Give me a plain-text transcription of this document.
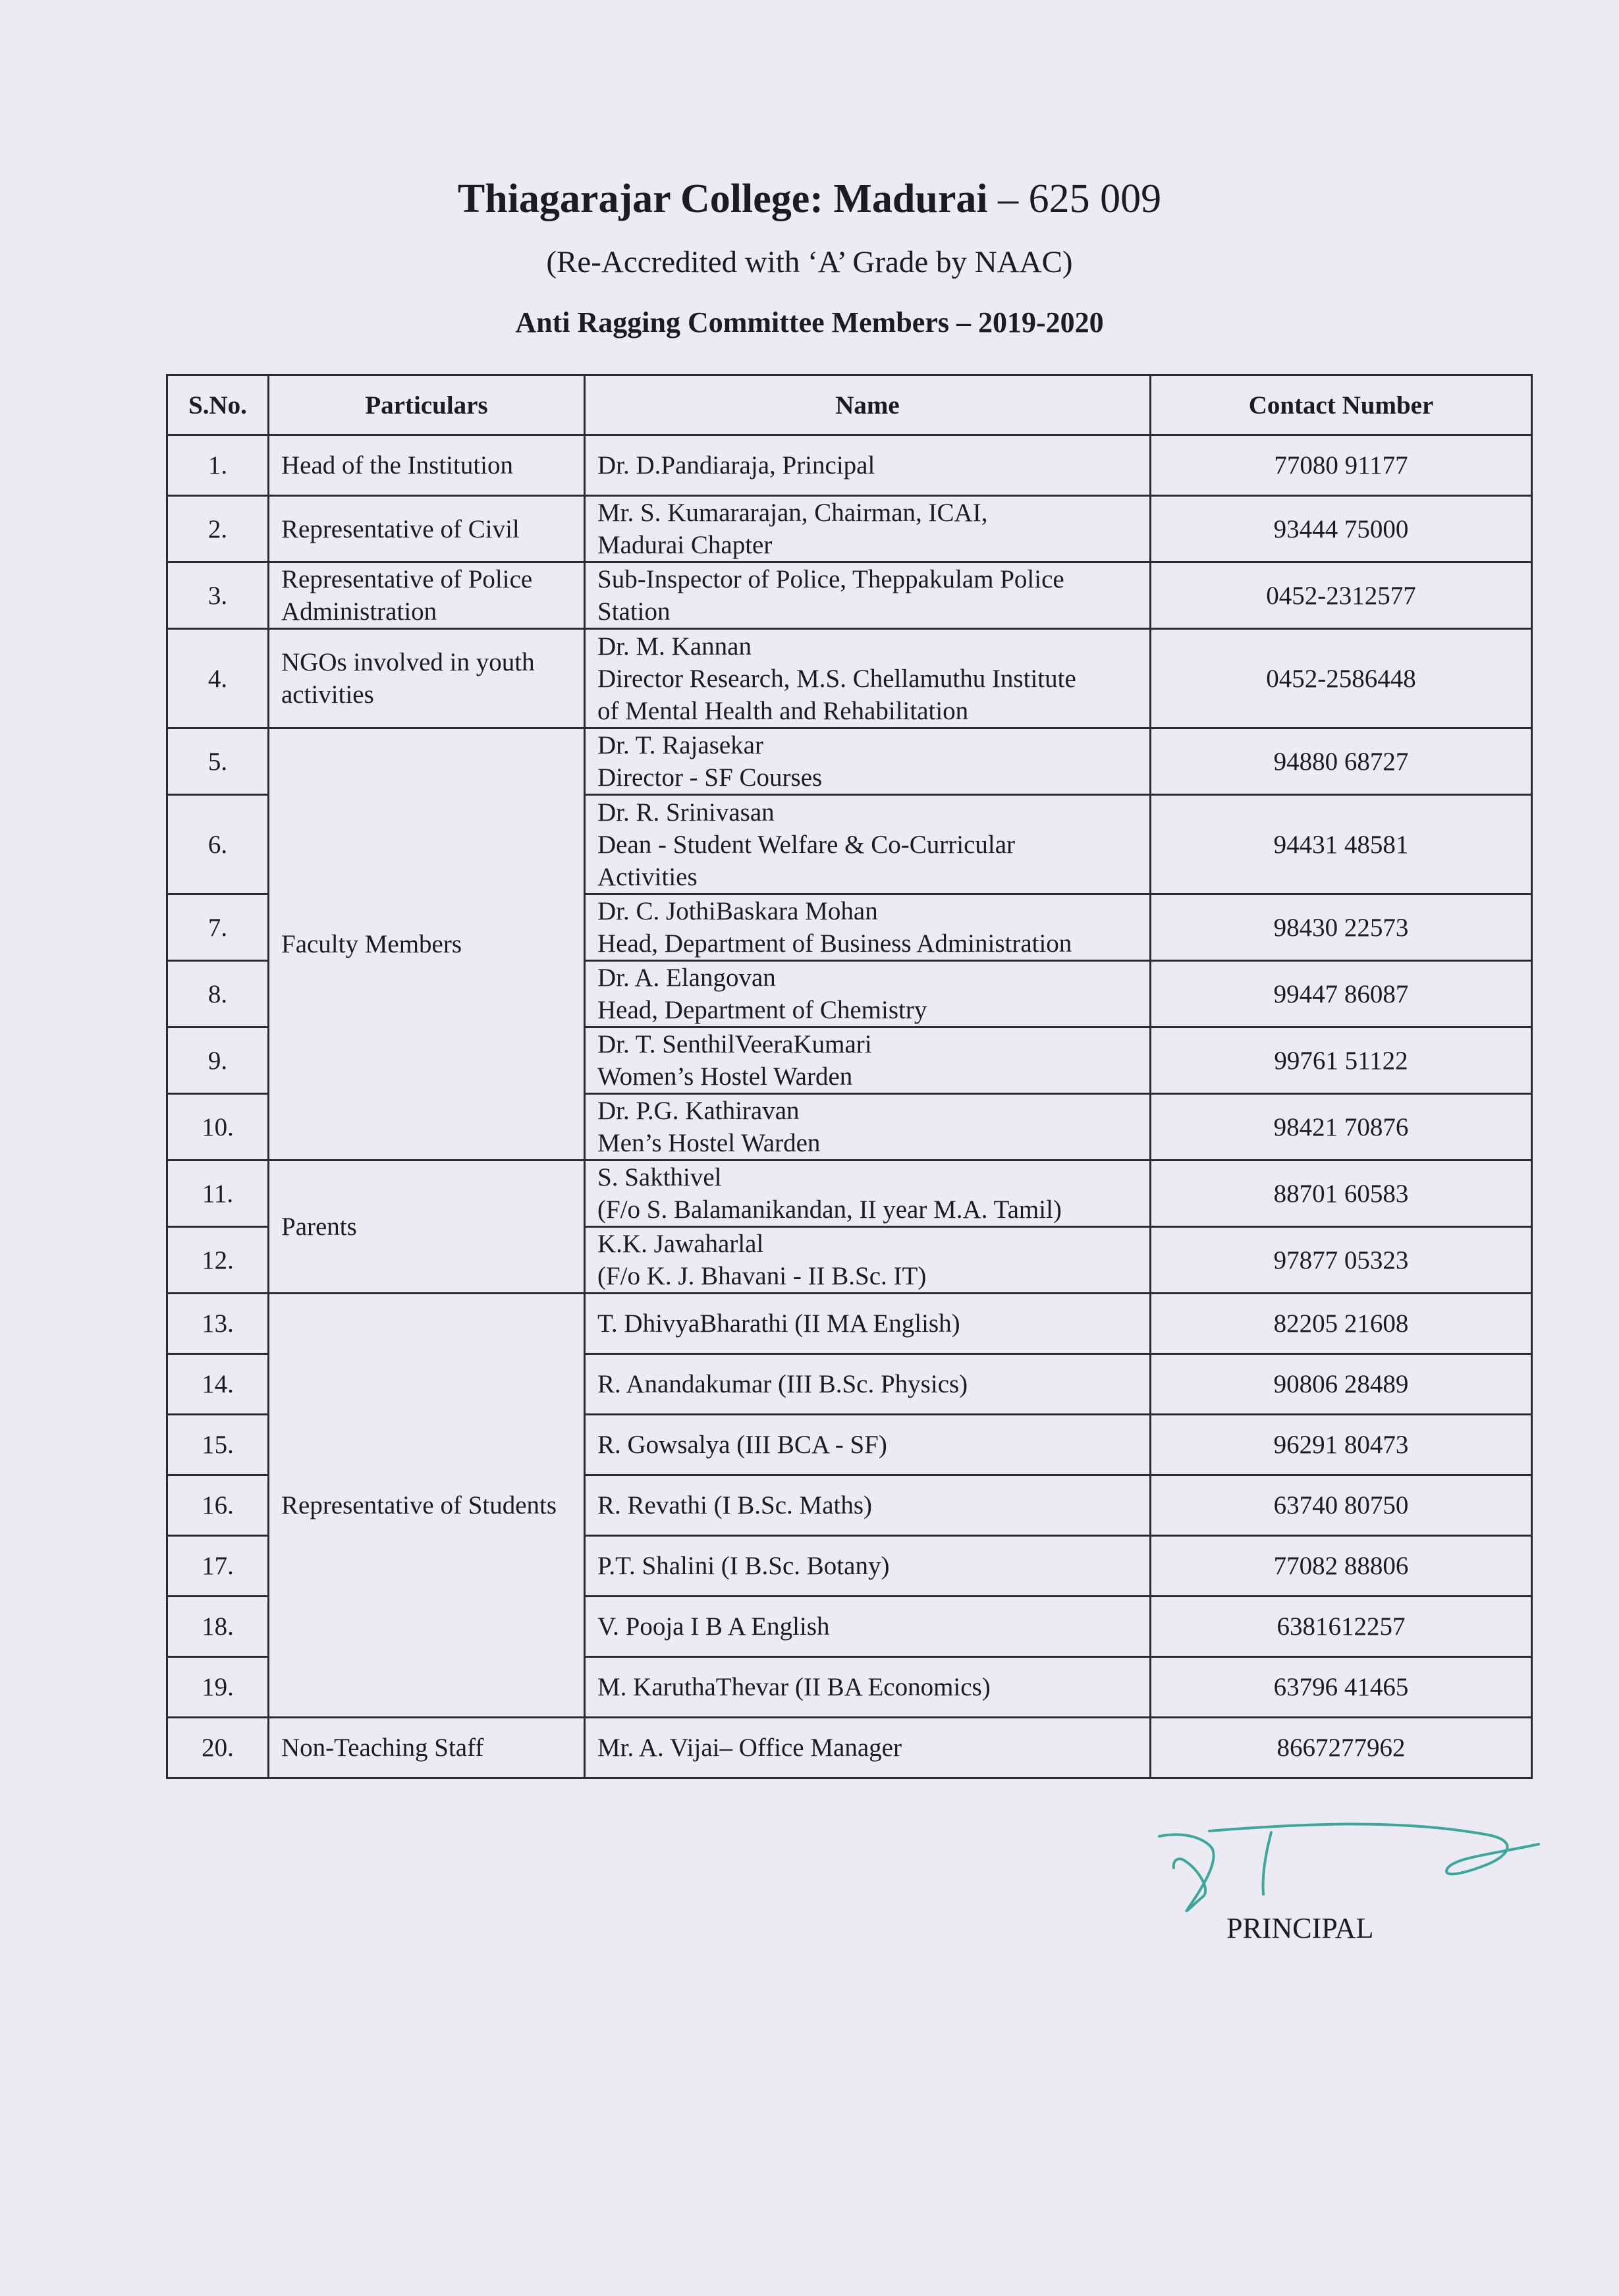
Thiagarajar College: Madurai – 625 009
(Re-Accredited with ‘A’ Grade by NAAC)
Anti Ragging Committee Members – 2019-2020
S.No.	Particulars	Name	Contact Number
1.	Head of the Institution	Dr. D.Pandiaraja, Principal	77080 91177
2.	Representative of Civil	Mr. S. Kumararajan, Chairman, ICAI,
Madurai Chapter	93444 75000
3.	Representative of Police Administration	Sub-Inspector of Police, Theppakulam Police
Station	0452-2312577
4.	NGOs involved in youth activities	Dr. M. Kannan
Director Research, M.S. Chellamuthu Institute
of Mental Health and Rehabilitation	0452-2586448
5.	Faculty Members	Dr. T. Rajasekar
Director - SF Courses	94880 68727
6.		Dr. R. Srinivasan
Dean - Student Welfare & Co-Curricular
Activities	94431 48581
7.		Dr. C. JothiBaskara Mohan
Head, Department of Business Administration	98430 22573
8.		Dr. A. Elangovan
Head, Department of Chemistry	99447 86087
9.		Dr. T. SenthilVeeraKumari
Women’s Hostel Warden	99761 51122
10.		Dr. P.G. Kathiravan
Men’s Hostel Warden	98421 70876
11.	Parents	S. Sakthivel
(F/o S. Balamanikandan, II year M.A. Tamil)	88701 60583
12.		K.K. Jawaharlal
(F/o K. J. Bhavani - II B.Sc. IT)	97877 05323
13.	Representative of Students	T. DhivyaBharathi (II MA English)	82205 21608
14.		R. Anandakumar (III B.Sc. Physics)	90806 28489
15.		R. Gowsalya (III BCA - SF)	96291 80473
16.		R. Revathi (I B.Sc. Maths)	63740 80750
17.		P.T. Shalini (I B.Sc. Botany)	77082 88806
18.		V. Pooja I B A English	6381612257
19.		M. KaruthaThevar (II BA Economics)	63796 41465
20.	Non-Teaching Staff	Mr. A. Vijai– Office Manager	8667277962
PRINCIPAL
